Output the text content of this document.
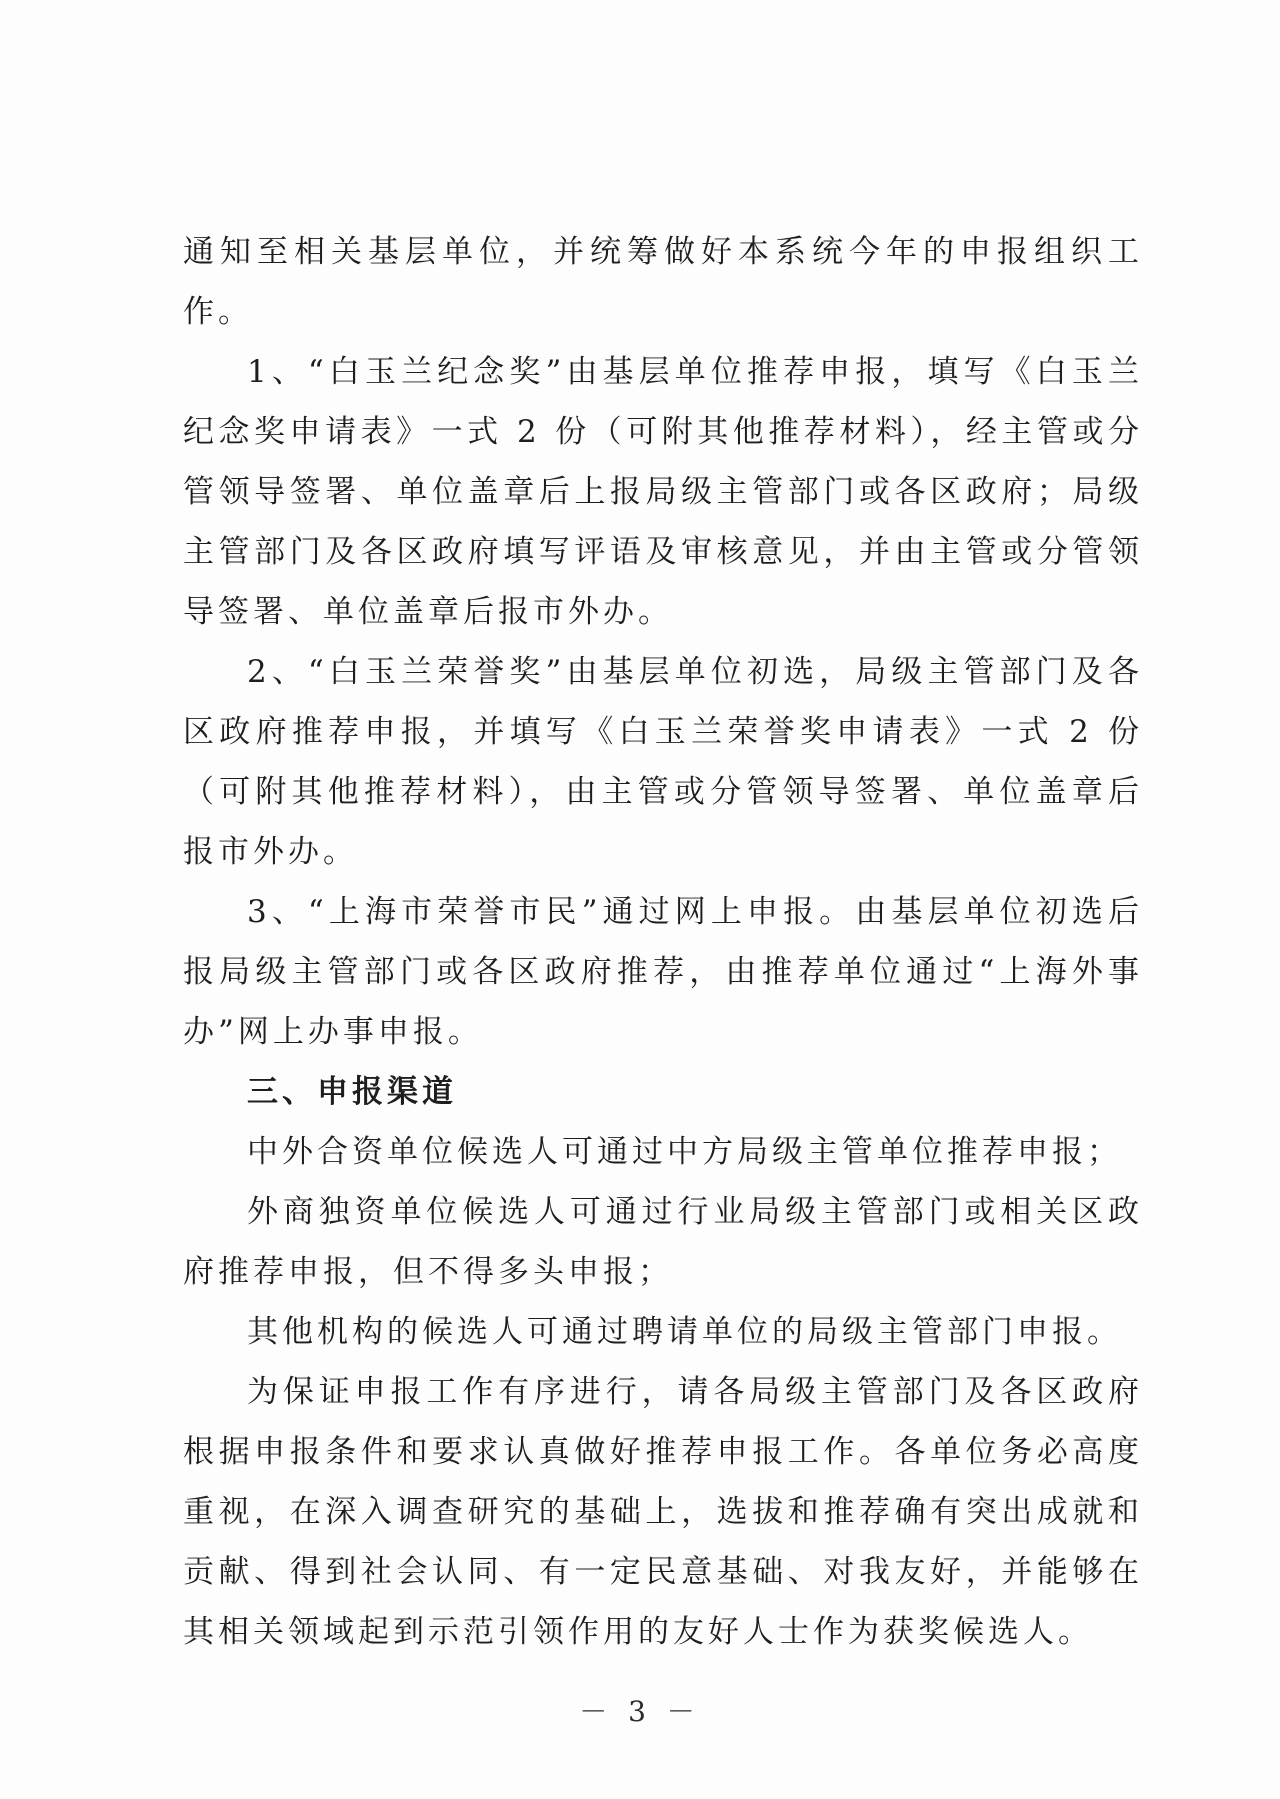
通知至相关基层单位，并统筹做好本系统今年的申报组织工作。

1、“白玉兰纪念奖”由基层单位推荐申报，填写《白玉兰纪念奖申请表》一式 2 份（可附其他推荐材料），经主管或分管领导签署、单位盖章后上报局级主管部门或各区政府；局级主管部门及各区政府填写评语及审核意见，并由主管或分管领导签署、单位盖章后报市外办。

2、“白玉兰荣誉奖”由基层单位初选，局级主管部门及各区政府推荐申报，并填写《白玉兰荣誉奖申请表》一式 2 份（可附其他推荐材料），由主管或分管领导签署、单位盖章后报市外办。

3、“上海市荣誉市民”通过网上申报。由基层单位初选后报局级主管部门或各区政府推荐，由推荐单位通过“上海外事办”网上办事申报。

三、申报渠道

中外合资单位候选人可通过中方局级主管单位推荐申报；

外商独资单位候选人可通过行业局级主管部门或相关区政府推荐申报，但不得多头申报；

其他机构的候选人可通过聘请单位的局级主管部门申报。

为保证申报工作有序进行，请各局级主管部门及各区政府根据申报条件和要求认真做好推荐申报工作。各单位务必高度重视，在深入调查研究的基础上，选拔和推荐确有突出成就和贡献、得到社会认同、有一定民意基础、对我友好，并能够在其相关领域起到示范引领作用的友好人士作为获奖候选人。

－ 3 －
